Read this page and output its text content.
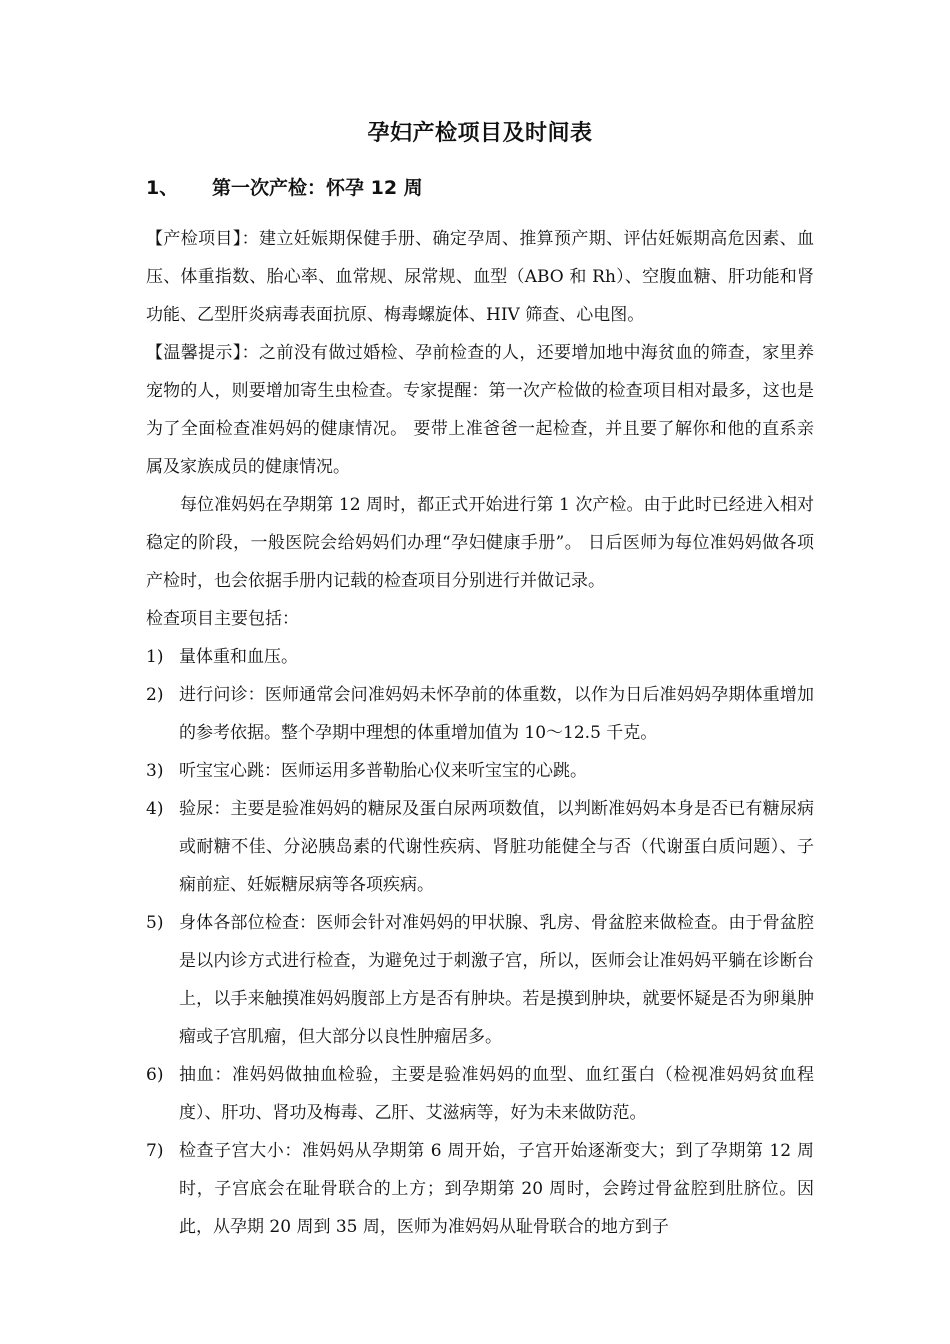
孕妇产检项目及时间表
1、	第一次产检：怀孕 12 周

【产检项目】：建立妊娠期保健手册、确定孕周、推算预产期、评估妊娠期高危因素、血压、体重指数、胎心率、血常规、尿常规、血型（ABO 和 Rh）、空腹血糖、肝功能和肾功能、乙型肝炎病毒表面抗原、梅毒螺旋体、HIV 筛查、心电图。

【温馨提示】：之前没有做过婚检、孕前检查的人，还要增加地中海贫血的筛查，家里养宠物的人，则要增加寄生虫检查。专家提醒：第一次产检做的检查项目相对最多，这也是为了全面检查准妈妈的健康情况。 要带上准爸爸一起检查，并且要了解你和他的直系亲属及家族成员的健康情况。

每位准妈妈在孕期第 12 周时，都正式开始进行第 1 次产检。由于此时已经进入相对稳定的阶段，一般医院会给妈妈们办理“孕妇健康手册”。 日后医师为每位准妈妈做各项产检时，也会依据手册内记载的检查项目分别进行并做记录。

检查项目主要包括：

1) 量体重和血压。
2) 进行问诊：医师通常会问准妈妈未怀孕前的体重数，以作为日后准妈妈孕期体重增加的参考依据。整个孕期中理想的体重增加值为 10～12.5 千克。
3) 听宝宝心跳：医师运用多普勒胎心仪来听宝宝的心跳。
4) 验尿：主要是验准妈妈的糖尿及蛋白尿两项数值，以判断准妈妈本身是否已有糖尿病或耐糖不佳、分泌胰岛素的代谢性疾病、肾脏功能健全与否（代谢蛋白质问题）、子痫前症、妊娠糖尿病等各项疾病。
5) 身体各部位检查：医师会针对准妈妈的甲状腺、乳房、骨盆腔来做检查。由于骨盆腔是以内诊方式进行检查，为避免过于刺激子宫，所以，医师会让准妈妈平躺在诊断台上，以手来触摸准妈妈腹部上方是否有肿块。若是摸到肿块，就要怀疑是否为卵巢肿瘤或子宫肌瘤，但大部分以良性肿瘤居多。
6) 抽血：准妈妈做抽血检验，主要是验准妈妈的血型、血红蛋白（检视准妈妈贫血程度）、肝功、肾功及梅毒、乙肝、艾滋病等，好为未来做防范。
7) 检查子宫大小：准妈妈从孕期第 6 周开始，子宫开始逐渐变大；到了孕期第 12 周时，子宫底会在耻骨联合的上方；到孕期第 20 周时，会跨过骨盆腔到肚脐位。因此，从孕期 20 周到 35 周，医师为准妈妈从耻骨联合的地方到子
